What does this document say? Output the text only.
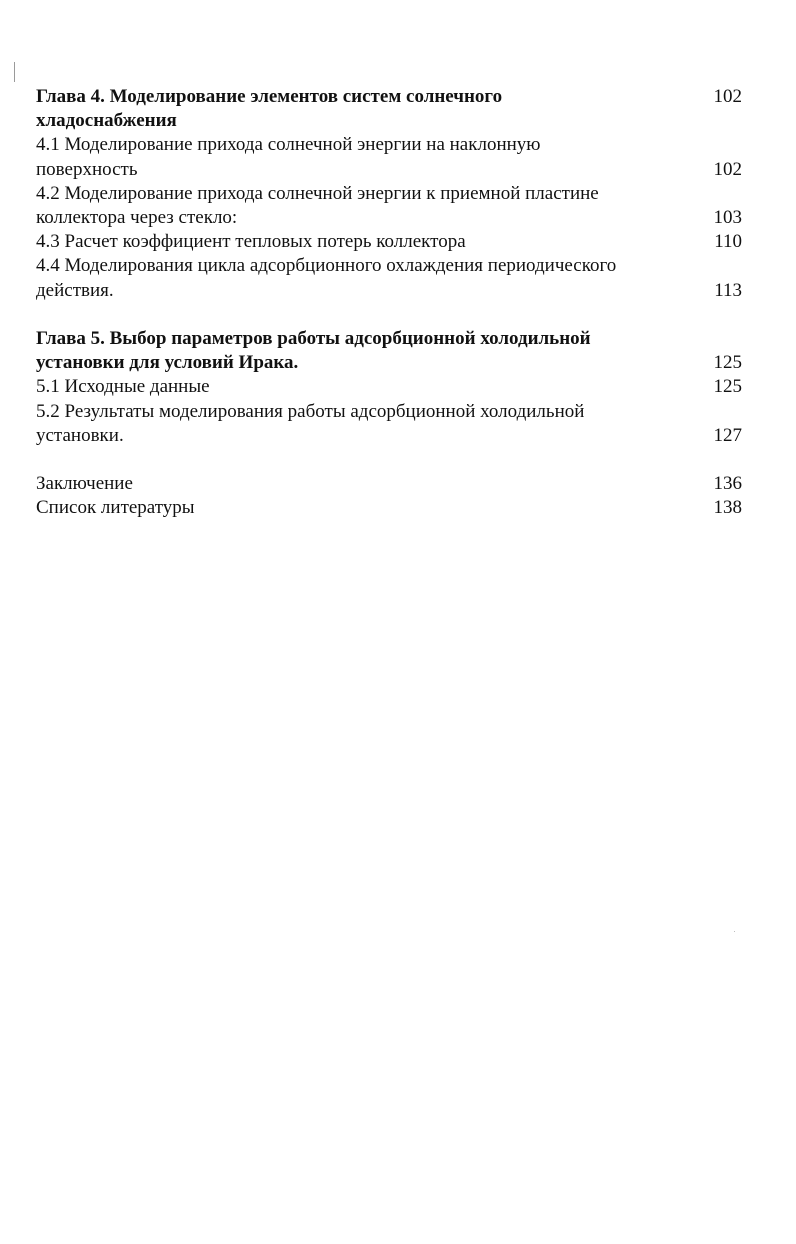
Глава 4. Моделирование элементов систем солнечного
хладоснабжения
102
4.1 Моделирование прихода солнечной энергии на наклонную
поверхность	102
4.2 Моделирование прихода солнечной энергии к приемной пластине
коллектора через стекло:	103
4.3 Расчет коэффициент тепловых потерь коллектора	110
4.4 Моделирования цикла адсорбционного охлаждения периодического
действия.	113
Глава 5. Выбор параметров работы адсорбционной холодильной
установки для условий Ирака.	125
5.1 Исходные данные	125
5.2 Результаты моделирования работы адсорбционной холодильной
установки.	127
Заключение	136
Список литературы	138
